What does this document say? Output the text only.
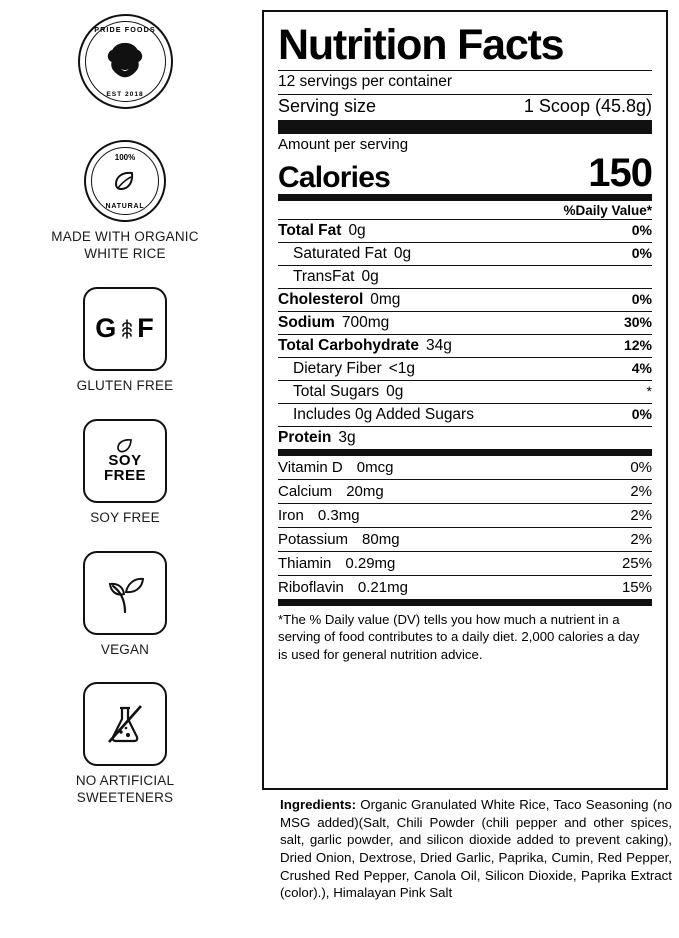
PRIDE FOODS
EST 2018
100%
NATURAL
MADE WITH ORGANIC
WHITE RICE
G F
GLUTEN FREE
SOY
FREE
SOY FREE
VEGAN
NO ARTIFICIAL
SWEETENERS
Nutrition Facts
12 servings per container
Serving size	1 Scoop (45.8g)
Amount per serving
Calories	150
%Daily Value*
Total Fat 0g	0%
Saturated Fat 0g	0%
TransFat 0g
Cholesterol 0mg	0%
Sodium 700mg	30%
Total Carbohydrate 34g	12%
Dietary Fiber <1g	4%
Total Sugars 0g	*
Includes 0g Added Sugars	0%
Protein 3g
Vitamin D 0mcg	0%
Calcium 20mg	2%
Iron 0.3mg	2%
Potassium 80mg	2%
Thiamin 0.29mg	25%
Riboflavin 0.21mg	15%
*The % Daily value (DV) tells you how much a nutrient in a serving of food contributes to a daily diet. 2,000 calories a day is used for general nutrition advice.
Ingredients: Organic Granulated White Rice, Taco Seasoning (no MSG added)(Salt, Chili Powder (chili pepper and other spices, salt, garlic powder, and silicon dioxide added to prevent caking), Dried Onion, Dextrose, Dried Garlic, Paprika, Cumin, Red Pepper, Crushed Red Pepper, Canola Oil, Silicon Dioxide, Paprika Extract (color).), Himalayan Pink Salt
